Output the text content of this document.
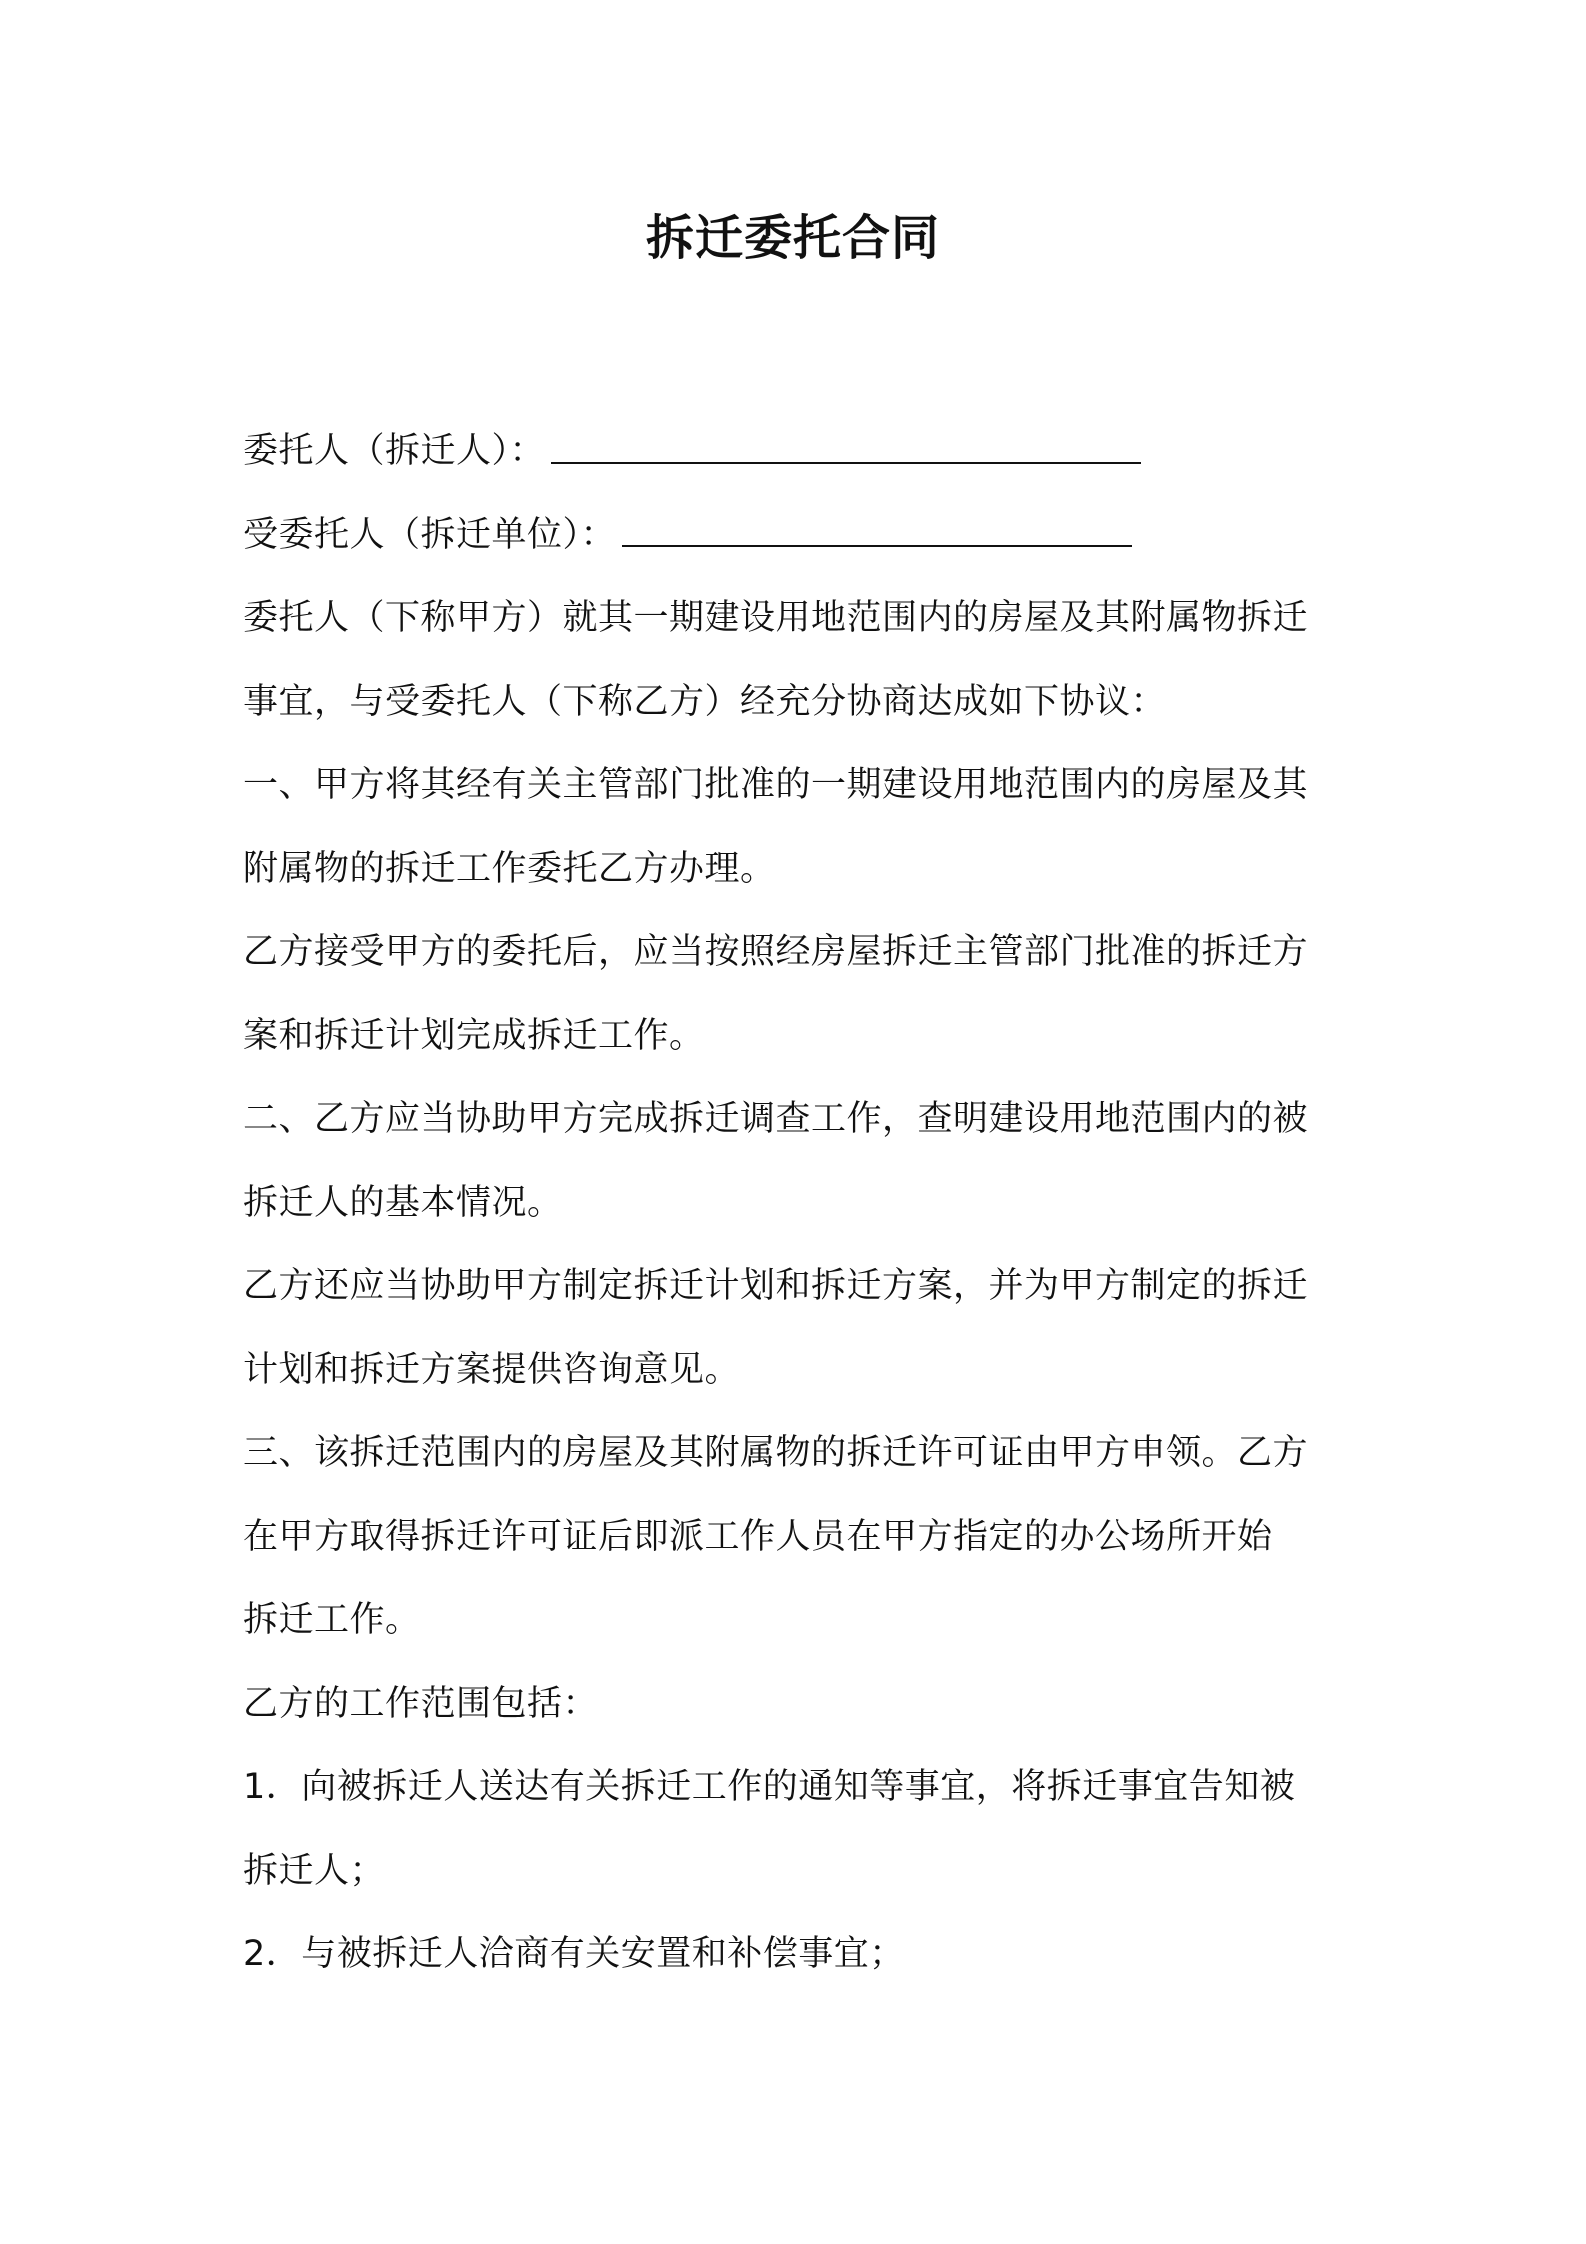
拆迁委托合同

委托人（拆迁人）：

受委托人（拆迁单位）：

委托人（下称甲方）就其一期建设用地范围内的房屋及其附属物拆迁

事宜，与受委托人（下称乙方）经充分协商达成如下协议：

一、甲方将其经有关主管部门批准的一期建设用地范围内的房屋及其

附属物的拆迁工作委托乙方办理。

乙方接受甲方的委托后，应当按照经房屋拆迁主管部门批准的拆迁方

案和拆迁计划完成拆迁工作。

二、乙方应当协助甲方完成拆迁调查工作，查明建设用地范围内的被

拆迁人的基本情况。

乙方还应当协助甲方制定拆迁计划和拆迁方案，并为甲方制定的拆迁

计划和拆迁方案提供咨询意见。

三、该拆迁范围内的房屋及其附属物的拆迁许可证由甲方申领。乙方

在甲方取得拆迁许可证后即派工作人员在甲方指定的办公场所开始

拆迁工作。

乙方的工作范围包括：

1．向被拆迁人送达有关拆迁工作的通知等事宜，将拆迁事宜告知被

拆迁人；

2．与被拆迁人洽商有关安置和补偿事宜；
